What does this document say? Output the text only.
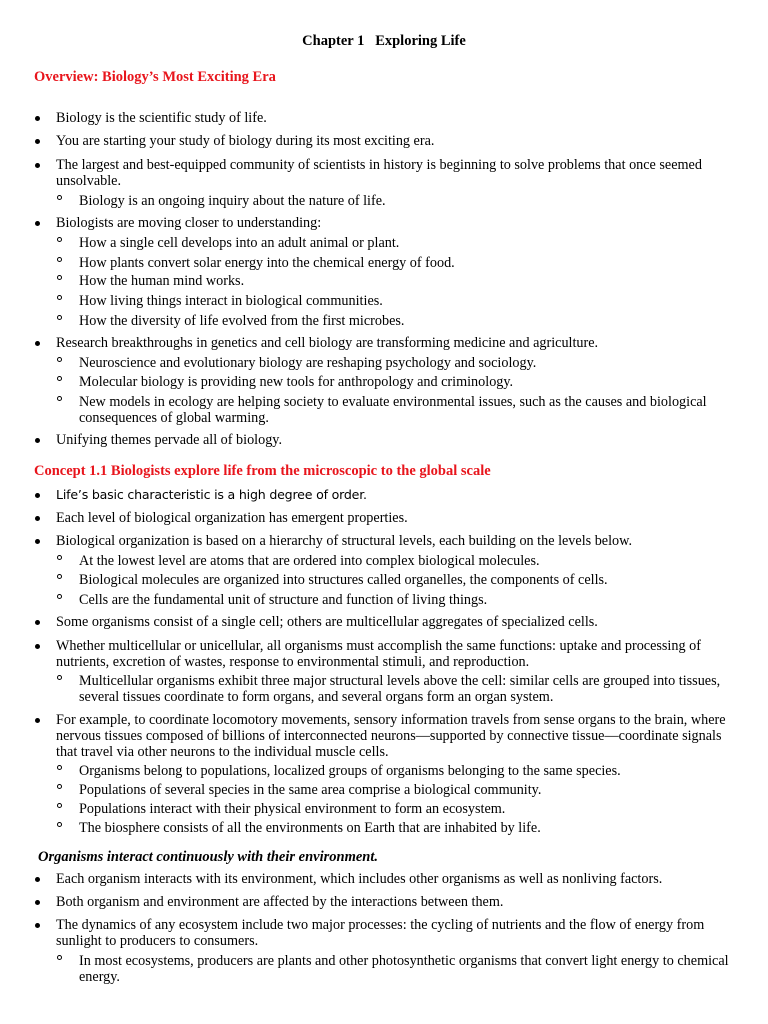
Chapter 1   Exploring Life
Overview: Biology’s Most Exciting Era
Biology is the scientific study of life.
You are starting your study of biology during its most exciting era.
The largest and best-equipped community of scientists in history is beginning to solve problems that once seemed unsolvable.
Biology is an ongoing inquiry about the nature of life.
Biologists are moving closer to understanding:
How a single cell develops into an adult animal or plant.
How plants convert solar energy into the chemical energy of food.
How the human mind works.
How living things interact in biological communities.
How the diversity of life evolved from the first microbes.
Research breakthroughs in genetics and cell biology are transforming medicine and agriculture.
Neuroscience and evolutionary biology are reshaping psychology and sociology.
Molecular biology is providing new tools for anthropology and criminology.
New models in ecology are helping society to evaluate environmental issues, such as the causes and biological consequences of global warming.
Unifying themes pervade all of biology.
Concept 1.1 Biologists explore life from the microscopic to the global scale
Life’s basic characteristic is a high degree of order.
Each level of biological organization has emergent properties.
Biological organization is based on a hierarchy of structural levels, each building on the levels below.
At the lowest level are atoms that are ordered into complex biological molecules.
Biological molecules are organized into structures called organelles, the components of cells.
Cells are the fundamental unit of structure and function of living things.
Some organisms consist of a single cell; others are multicellular aggregates of specialized cells.
Whether multicellular or unicellular, all organisms must accomplish the same functions: uptake and processing of nutrients, excretion of wastes, response to environmental stimuli, and reproduction.
Multicellular organisms exhibit three major structural levels above the cell: similar cells are grouped into tissues, several tissues coordinate to form organs, and several organs form an organ system.
For example, to coordinate locomotory movements, sensory information travels from sense organs to the brain, where nervous tissues composed of billions of interconnected neurons—supported by connective tissue—coordinate signals that travel via other neurons to the individual muscle cells.
Organisms belong to populations, localized groups of organisms belonging to the same species.
Populations of several species in the same area comprise a biological community.
Populations interact with their physical environment to form an ecosystem.
The biosphere consists of all the environments on Earth that are inhabited by life.
Organisms interact continuously with their environment.
Each organism interacts with its environment, which includes other organisms as well as nonliving factors.
Both organism and environment are affected by the interactions between them.
The dynamics of any ecosystem include two major processes: the cycling of nutrients and the flow of energy from sunlight to producers to consumers.
In most ecosystems, producers are plants and other photosynthetic organisms that convert light energy to chemical energy.
